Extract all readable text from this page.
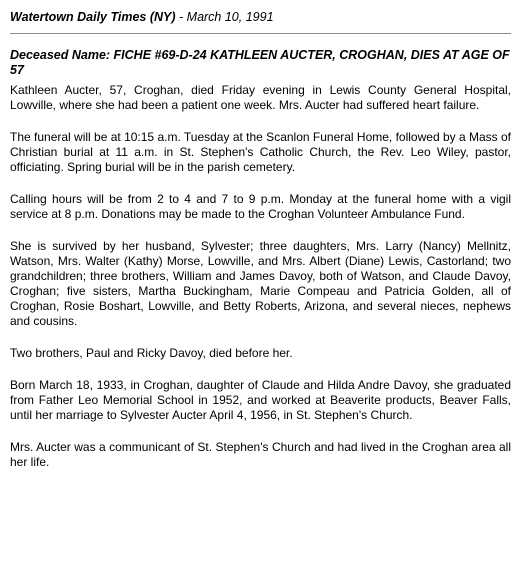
Watertown Daily Times (NY) - March 10, 1991
Deceased Name: FICHE #69-D-24 KATHLEEN AUCTER, CROGHAN, DIES AT AGE OF 57

Kathleen Aucter, 57, Croghan, died Friday evening in Lewis County General Hospital, Lowville, where she had been a patient one week. Mrs. Aucter had suffered heart failure.

The funeral will be at 10:15 a.m. Tuesday at the Scanlon Funeral Home, followed by a Mass of Christian burial at 11 a.m. in St. Stephen's Catholic Church, the Rev. Leo Wiley, pastor, officiating. Spring burial will be in the parish cemetery.

Calling hours will be from 2 to 4 and 7 to 9 p.m. Monday at the funeral home with a vigil service at 8 p.m. Donations may be made to the Croghan Volunteer Ambulance Fund.

She is survived by her husband, Sylvester; three daughters, Mrs. Larry (Nancy) Mellnitz, Watson, Mrs. Walter (Kathy) Morse, Lowville, and Mrs. Albert (Diane) Lewis, Castorland; two grandchildren; three brothers, William and James Davoy, both of Watson, and Claude Davoy, Croghan; five sisters, Martha Buckingham, Marie Compeau and Patricia Golden, all of Croghan, Rosie Boshart, Lowville, and Betty Roberts, Arizona, and several nieces, nephews and cousins.

Two brothers, Paul and Ricky Davoy, died before her.

Born March 18, 1933, in Croghan, daughter of Claude and Hilda Andre Davoy, she graduated from Father Leo Memorial School in 1952, and worked at Beaverite products, Beaver Falls, until her marriage to Sylvester Aucter April 4, 1956, in St. Stephen's Church.

Mrs. Aucter was a communicant of St. Stephen's Church and had lived in the Croghan area all her life.
